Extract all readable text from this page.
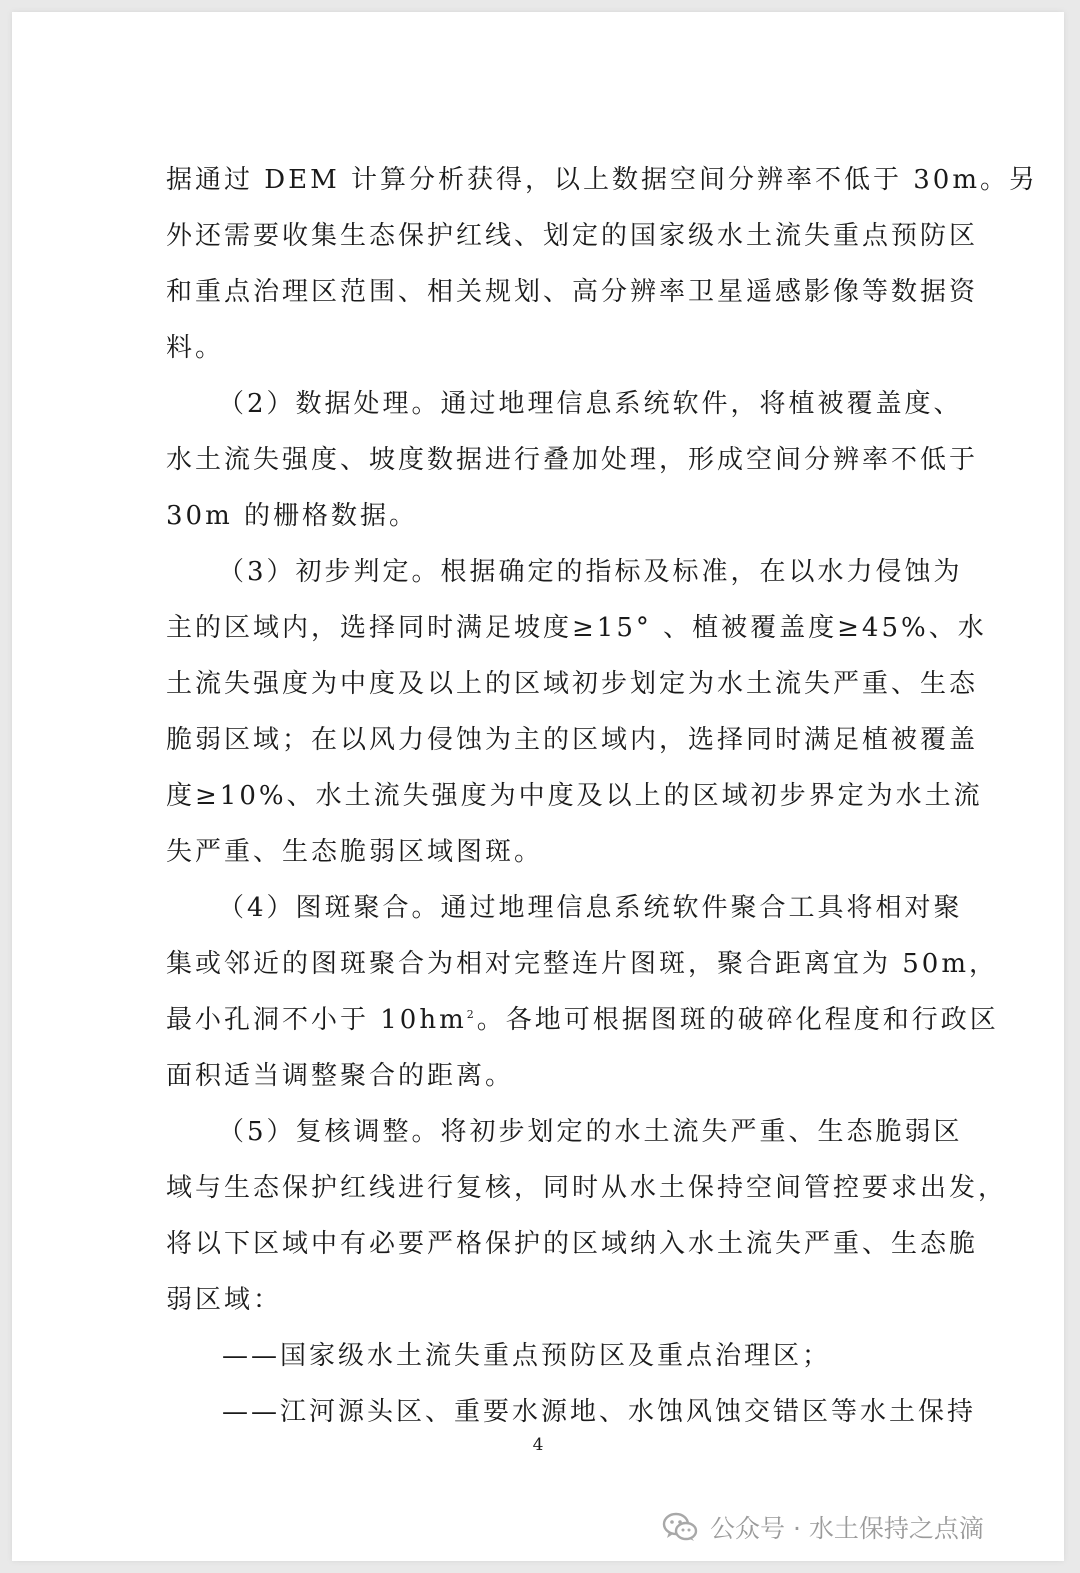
据通过 DEM 计算分析获得，以上数据空间分辨率不低于 30m。另
外还需要收集生态保护红线、划定的国家级水土流失重点预防区
和重点治理区范围、相关规划、高分辨率卫星遥感影像等数据资
料。
（2）数据处理。通过地理信息系统软件，将植被覆盖度、
水土流失强度、坡度数据进行叠加处理，形成空间分辨率不低于
30m 的栅格数据。
（3）初步判定。根据确定的指标及标准，在以水力侵蚀为
主的区域内，选择同时满足坡度≥15° 、植被覆盖度≥45%、水
土流失强度为中度及以上的区域初步划定为水土流失严重、生态
脆弱区域；在以风力侵蚀为主的区域内，选择同时满足植被覆盖
度≥10%、水土流失强度为中度及以上的区域初步界定为水土流
失严重、生态脆弱区域图斑。
（4）图斑聚合。通过地理信息系统软件聚合工具将相对聚
集或邻近的图斑聚合为相对完整连片图斑，聚合距离宜为 50m，
最小孔洞不小于 $10hm^2$。各地可根据图斑的破碎化程度和行政区
面积适当调整聚合的距离。
（5）复核调整。将初步划定的水土流失严重、生态脆弱区
域与生态保护红线进行复核，同时从水土保持空间管控要求出发，
将以下区域中有必要严格保护的区域纳入水土流失严重、生态脆
弱区域：
——国家级水土流失重点预防区及重点治理区；
——江河源头区、重要水源地、水蚀风蚀交错区等水土保持
4
公众号 · 水土保持之点滴
